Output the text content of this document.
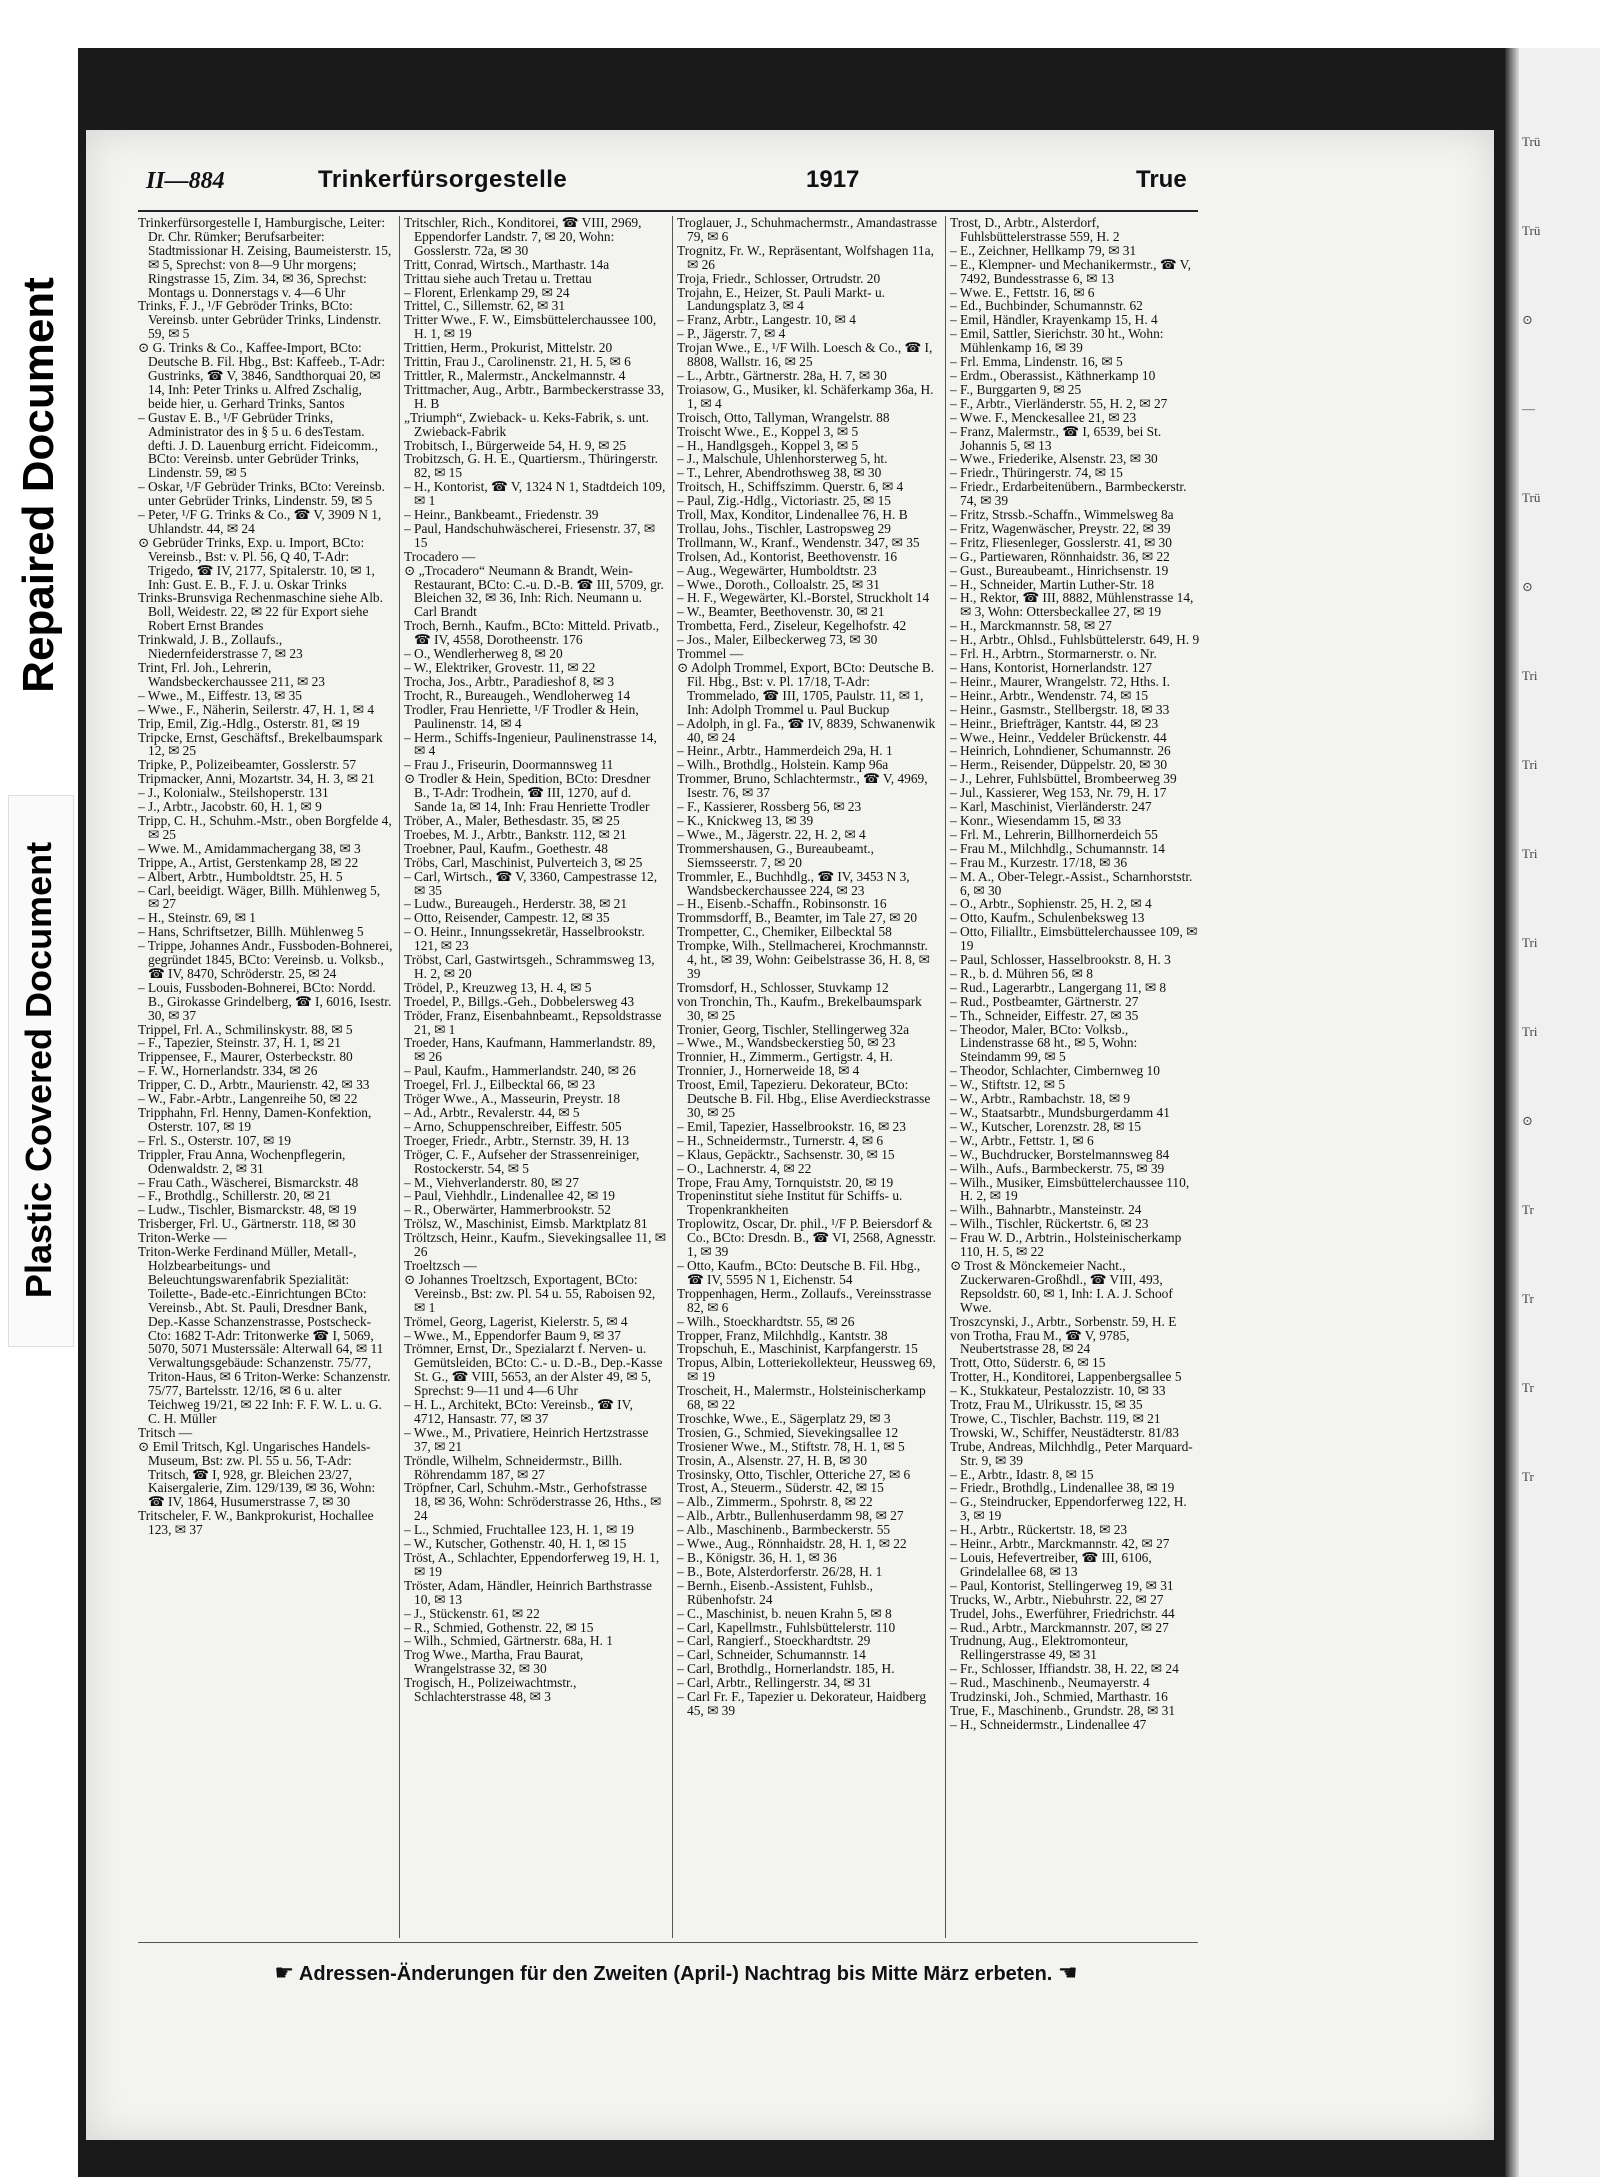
Repaired Document
Plastic Covered Document
Trü
Trü
⊙
—
Trü
⊙
Tri
Tri
Tri
Tri
Tri
⊙
Tr
Tr
Tr
Tr
II—884	Trinkerfürsorgestelle	1917	True

Trinkerfürsorgestelle I, Hamburgische, Leiter: Dr. Chr. Rümker; Berufsarbeiter: Stadtmissionar H. Zeising, Baumeisterstr. 15, ✉ 5, Sprechst: von 8—9 Uhr morgens; Ringstrasse 15, Zim. 34, ✉ 36, Sprechst: Montags u. Donnerstags v. 4—6 Uhr

Trinks, F. J., ¹/F Gebröder Trinks, BCto: Vereinsb. unter Gebrüder Trinks, Lindenstr. 59, ✉ 5

⊙ G. Trinks & Co., Kaffee-Import, BCto: Deutsche B. Fil. Hbg., Bst: Kaffeeb., T-Adr: Gustrinks, ☎ V, 3846, Sandthorquai 20, ✉ 14, Inh: Peter Trinks u. Alfred Zschalig, beide hier, u. Gerhard Trinks, Santos

– Gustav E. B., ¹/F Gebrüder Trinks, Administrator des in § 5 u. 6 desTestam. defti. J. D. Lauenburg erricht. Fideicomm., BCto: Vereinsb. unter Gebrüder Trinks, Lindenstr. 59, ✉ 5

– Oskar, ¹/F Gebrüder Trinks, BCto: Vereinsb. unter Gebrüder Trinks, Lindenstr. 59, ✉ 5

– Peter, ¹/F G. Trinks & Co., ☎ V, 3909 N 1, Uhlandstr. 44, ✉ 24

⊙ Gebrüder Trinks, Exp. u. Import, BCto: Vereinsb., Bst: v. Pl. 56, Q 40, T-Adr: Trigedo, ☎ IV, 2177, Spitalerstr. 10, ✉ 1, Inh: Gust. E. B., F. J. u. Oskar Trinks

Trinks-Brunsviga Rechenmaschine siehe Alb. Boll, Weidestr. 22, ✉ 22 für Export siehe Robert Ernst Brandes

Trinkwald, J. B., Zollaufs., Niedernfeiderstrasse 7, ✉ 23

Trint, Frl. Joh., Lehrerin, Wandsbeckerchaussee 211, ✉ 23

– Wwe., M., Eiffestr. 13, ✉ 35

– Wwe., F., Näherin, Seilerstr. 47, H. 1, ✉ 4

Trip, Emil, Zig.-Hdlg., Osterstr. 81, ✉ 19

Tripcke, Ernst, Geschäftsf., Brekelbaumspark 12, ✉ 25

Tripke, P., Polizeibeamter, Gosslerstr. 57

Tripmacker, Anni, Mozartstr. 34, H. 3, ✉ 21

– J., Kolonialw., Steilshoperstr. 131

– J., Arbtr., Jacobstr. 60, H. 1, ✉ 9

Tripp, C. H., Schuhm.-Mstr., oben Borgfelde 4, ✉ 25

– Wwe. M., Amidammachergang 38, ✉ 3

Trippe, A., Artist, Gerstenkamp 28, ✉ 22

– Albert, Arbtr., Humboldtstr. 25, H. 5

– Carl, beeidigt. Wäger, Billh. Mühlenweg 5, ✉ 27

– H., Steinstr. 69, ✉ 1

– Hans, Schriftsetzer, Billh. Mühlenweg 5

– Trippe, Johannes Andr., Fussboden-Bohnerei, gegründet 1845, BCto: Vereinsb. u. Volksb., ☎ IV, 8470, Schröderstr. 25, ✉ 24

– Louis, Fussboden-Bohnerei, BCto: Nordd. B., Girokasse Grindelberg, ☎ I, 6016, Isestr. 30, ✉ 37

Trippel, Frl. A., Schmilinskystr. 88, ✉ 5

– F., Tapezier, Steinstr. 37, H. 1, ✉ 21

Trippensee, F., Maurer, Osterbeckstr. 80

– F. W., Hornerlandstr. 334, ✉ 26

Tripper, C. D., Arbtr., Maurienstr. 42, ✉ 33

– W., Fabr.-Arbtr., Langenreihe 50, ✉ 22

Tripphahn, Frl. Henny, Damen-Konfektion, Osterstr. 107, ✉ 19

– Frl. S., Osterstr. 107, ✉ 19

Trippler, Frau Anna, Wochenpflegerin, Odenwaldstr. 2, ✉ 31

– Frau Cath., Wäscherei, Bismarckstr. 48

– F., Brothdlg., Schillerstr. 20, ✉ 21

– Ludw., Tischler, Bismarckstr. 48, ✉ 19

Trisberger, Frl. U., Gärtnerstr. 118, ✉ 30

Triton-Werke —

Triton-Werke Ferdinand Müller, Metall-, Holzbearbeitungs- und Beleuchtungswarenfabrik Spezialität: Toilette-, Bade-etc.-Einrichtungen BCto: Vereinsb., Abt. St. Pauli, Dresdner Bank, Dep.-Kasse Schanzenstrasse, Postscheck-Cto: 1682 T-Adr: Tritonwerke ☎ I, 5069, 5070, 5071 Musterssäle: Alterwall 64, ✉ 11 Verwaltungsgebäude: Schanzenstr. 75/77, Triton-Haus, ✉ 6 Triton-Werke: Schanzenstr. 75/77, Bartelsstr. 12/16, ✉ 6 u. alter Teichweg 19/21, ✉ 22 Inh: F. F. W. L. u. G. C. H. Müller

Tritsch —

⊙ Emil Tritsch, Kgl. Ungarisches Handels-Museum, Bst: zw. Pl. 55 u. 56, T-Adr: Tritsch, ☎ I, 928, gr. Bleichen 23/27, Kaisergalerie, Zim. 129/139, ✉ 36, Wohn: ☎ IV, 1864, Husumerstrasse 7, ✉ 30

Tritscheler, F. W., Bankprokurist, Hochallee 123, ✉ 37

Tritschler, Rich., Konditorei, ☎ VIII, 2969, Eppendorfer Landstr. 7, ✉ 20, Wohn: Gosslerstr. 72a, ✉ 30

Tritt, Conrad, Wirtsch., Marthastr. 14a

Trittau siehe auch Tretau u. Trettau

– Florent, Erlenkamp 29, ✉ 24

Trittel, C., Sillemstr. 62, ✉ 31

Tritter Wwe., F. W., Eimsbüttelerchaussee 100, H. 1, ✉ 19

Trittien, Herm., Prokurist, Mittelstr. 20

Trittin, Frau J., Carolinenstr. 21, H. 5, ✉ 6

Trittler, R., Malermstr., Anckelmannstr. 4

Trittmacher, Aug., Arbtr., Barmbeckerstrasse 33, H. B

„Triumph“, Zwieback- u. Keks-Fabrik, s. unt. Zwieback-Fabrik

Trobitsch, I., Bürgerweide 54, H. 9, ✉ 25

Trobitzsch, G. H. E., Quartiersm., Thüringerstr. 82, ✉ 15

– H., Kontorist, ☎ V, 1324 N 1, Stadtdeich 109, ✉ 1

– Heinr., Bankbeamt., Friedenstr. 39

– Paul, Handschuhwäscherei, Friesenstr. 37, ✉ 15

Trocadero —

⊙ „Trocadero“ Neumann & Brandt, Wein-Restaurant, BCto: C.-u. D.-B. ☎ III, 5709, gr. Bleichen 32, ✉ 36, Inh: Rich. Neumann u. Carl Brandt

Troch, Bernh., Kaufm., BCto: Mitteld. Privatb., ☎ IV, 4558, Dorotheenstr. 176

– O., Wendlerherweg 8, ✉ 20

– W., Elektriker, Grovestr. 11, ✉ 22

Trocha, Jos., Arbtr., Paradieshof 8, ✉ 3

Trocht, R., Bureaugeh., Wendloherweg 14

Trodler, Frau Henriette, ¹/F Trodler & Hein, Paulinenstr. 14, ✉ 4

– Herm., Schiffs-Ingenieur, Paulinenstrasse 14, ✉ 4

– Frau J., Friseurin, Doormannsweg 11

⊙ Trodler & Hein, Spedition, BCto: Dresdner B., T-Adr: Trodhein, ☎ III, 1270, auf d. Sande 1a, ✉ 14, Inh: Frau Henriette Trodler

Tröber, A., Maler, Bethesdastr. 35, ✉ 25

Troebes, M. J., Arbtr., Bankstr. 112, ✉ 21

Troebner, Paul, Kaufm., Goethestr. 48

Tröbs, Carl, Maschinist, Pulverteich 3, ✉ 25

– Carl, Wirtsch., ☎ V, 3360, Campestrasse 12, ✉ 35

– Ludw., Bureaugeh., Herderstr. 38, ✉ 21

– Otto, Reisender, Campestr. 12, ✉ 35

– O. Heinr., Innungssekretär, Hasselbrookstr. 121, ✉ 23

Tröbst, Carl, Gastwirtsgeh., Schrammsweg 13, H. 2, ✉ 20

Trödel, P., Kreuzweg 13, H. 4, ✉ 5

Troedel, P., Billgs.-Geh., Dobbelersweg 43

Tröder, Franz, Eisenbahnbeamt., Repsoldstrasse 21, ✉ 1

Troeder, Hans, Kaufmann, Hammerlandstr. 89, ✉ 26

– Paul, Kaufm., Hammerlandstr. 240, ✉ 26

Troegel, Frl. J., Eilbecktal 66, ✉ 23

Tröger Wwe., A., Masseurin, Preystr. 18

– Ad., Arbtr., Revalerstr. 44, ✉ 5

– Arno, Schuppenschreiber, Eiffestr. 505

Troeger, Friedr., Arbtr., Sternstr. 39, H. 13

Tröger, C. F., Aufseher der Strassenreiniger, Rostockerstr. 54, ✉ 5

– M., Viehverlanderstr. 80, ✉ 27

– Paul, Viehhdlr., Lindenallee 42, ✉ 19

– R., Oberwärter, Hammerbrookstr. 52

Trölsz, W., Maschinist, Eimsb. Marktplatz 81

Tröltzsch, Heinr., Kaufm., Sievekingsallee 11, ✉ 26

Troeltzsch —

⊙ Johannes Troeltzsch, Exportagent, BCto: Vereinsb., Bst: zw. Pl. 54 u. 55, Raboisen 92, ✉ 1

Trömel, Georg, Lagerist, Kielerstr. 5, ✉ 4

– Wwe., M., Eppendorfer Baum 9, ✉ 37

Trömner, Ernst, Dr., Spezialarzt f. Nerven- u. Gemütsleiden, BCto: C.- u. D.-B., Dep.-Kasse St. G., ☎ VIII, 5653, an der Alster 49, ✉ 5, Sprechst: 9—11 und 4—6 Uhr

– H. L., Architekt, BCto: Vereinsb., ☎ IV, 4712, Hansastr. 77, ✉ 37

– Wwe., M., Privatiere, Heinrich Hertzstrasse 37, ✉ 21

Tröndle, Wilhelm, Schneidermstr., Billh. Röhrendamm 187, ✉ 27

Tröpfner, Carl, Schuhm.-Mstr., Gerhofstrasse 18, ✉ 36, Wohn: Schröderstrasse 26, Hths., ✉ 24

– L., Schmied, Fruchtallee 123, H. 1, ✉ 19

– W., Kutscher, Gothenstr. 40, H. 1, ✉ 15

Tröst, A., Schlachter, Eppendorferweg 19, H. 1, ✉ 19

Tröster, Adam, Händler, Heinrich Barthstrasse 10, ✉ 13

– J., Stückenstr. 61, ✉ 22

– R., Schmied, Gothenstr. 22, ✉ 15

– Wilh., Schmied, Gärtnerstr. 68a, H. 1

Trog Wwe., Martha, Frau Baurat, Wrangelstrasse 32, ✉ 30

Trogisch, H., Polizeiwachtmstr., Schlachterstrasse 48, ✉ 3

Troglauer, J., Schuhmachermstr., Amandastrasse 79, ✉ 6

Trognitz, Fr. W., Repräsentant, Wolfshagen 11a, ✉ 26

Troja, Friedr., Schlosser, Ortrudstr. 20

Trojahn, E., Heizer, St. Pauli Markt- u. Landungsplatz 3, ✉ 4

– Franz, Arbtr., Langestr. 10, ✉ 4

– P., Jägerstr. 7, ✉ 4

Trojan Wwe., E., ¹/F Wilh. Loesch & Co., ☎ I, 8808, Wallstr. 16, ✉ 25

– L., Arbtr., Gärtnerstr. 28a, H. 7, ✉ 30

Troiasow, G., Musiker, kl. Schäferkamp 36a, H. 1, ✉ 4

Troisch, Otto, Tallyman, Wrangelstr. 88

Troischt Wwe., E., Koppel 3, ✉ 5

– H., Handlgsgeh., Koppel 3, ✉ 5

– J., Malschule, Uhlenhorsterweg 5, ht.

– T., Lehrer, Abendrothsweg 38, ✉ 30

Troitsch, H., Schiffszimm. Querstr. 6, ✉ 4

– Paul, Zig.-Hdlg., Victoriastr. 25, ✉ 15

Troll, Max, Konditor, Lindenallee 76, H. B

Trollau, Johs., Tischler, Lastropsweg 29

Trollmann, W., Kranf., Wendenstr. 347, ✉ 35

Trolsen, Ad., Kontorist, Beethovenstr. 16

– Aug., Wegewärter, Humboldtstr. 23

– Wwe., Doroth., Colloalstr. 25, ✉ 31

– H. F., Wegewärter, Kl.-Borstel, Struckholt 14

– W., Beamter, Beethovenstr. 30, ✉ 21

Trombetta, Ferd., Ziseleur, Kegelhofstr. 42

– Jos., Maler, Eilbeckerweg 73, ✉ 30

Trommel —

⊙ Adolph Trommel, Export, BCto: Deutsche B. Fil. Hbg., Bst: v. Pl. 17/18, T-Adr: Trommelado, ☎ III, 1705, Paulstr. 11, ✉ 1, Inh: Adolph Trommel u. Paul Buckup

– Adolph, in gl. Fa., ☎ IV, 8839, Schwanenwik 40, ✉ 24

– Heinr., Arbtr., Hammerdeich 29a, H. 1

– Wilh., Brothdlg., Holstein. Kamp 96a

Trommer, Bruno, Schlachtermstr., ☎ V, 4969, Isestr. 76, ✉ 37

– F., Kassierer, Rossberg 56, ✉ 23

– K., Knickweg 13, ✉ 39

– Wwe., M., Jägerstr. 22, H. 2, ✉ 4

Trommershausen, G., Bureaubeamt., Siemsseerstr. 7, ✉ 20

Trommler, E., Buchhdlg., ☎ IV, 3453 N 3, Wandsbeckerchaussee 224, ✉ 23

– H., Eisenb.-Schaffn., Robinsonstr. 16

Trommsdorff, B., Beamter, im Tale 27, ✉ 20

Trompetter, C., Chemiker, Eilbecktal 58

Trompke, Wilh., Stellmacherei, Krochmannstr. 4, ht., ✉ 39, Wohn: Geibelstrasse 36, H. 8, ✉ 39

Tromsdorf, H., Schlosser, Stuvkamp 12

von Tronchin, Th., Kaufm., Brekelbaumspark 30, ✉ 25

Tronier, Georg, Tischler, Stellingerweg 32a

– Wwe., M., Wandsbeckerstieg 50, ✉ 23

Tronnier, H., Zimmerm., Gertigstr. 4, H.

Tronnier, J., Hornerweide 18, ✉ 4

Troost, Emil, Tapezieru. Dekorateur, BCto: Deutsche B. Fil. Hbg., Elise Averdieckstrasse 30, ✉ 25

– Emil, Tapezier, Hasselbrookstr. 16, ✉ 23

– H., Schneidermstr., Turnerstr. 4, ✉ 6

– Klaus, Gepäcktr., Sachsenstr. 30, ✉ 15

– O., Lachnerstr. 4, ✉ 22

Trope, Frau Amy, Tornquiststr. 20, ✉ 19

Tropeninstitut siehe Institut für Schiffs- u. Tropenkrankheiten

Troplowitz, Oscar, Dr. phil., ¹/F P. Beiersdorf & Co., BCto: Dresdn. B., ☎ VI, 2568, Agnesstr. 1, ✉ 39

– Otto, Kaufm., BCto: Deutsche B. Fil. Hbg., ☎ IV, 5595 N 1, Eichenstr. 54

Troppenhagen, Herm., Zollaufs., Vereinsstrasse 82, ✉ 6

– Wilh., Stoeckhardtstr. 55, ✉ 26

Tropper, Franz, Milchhdlg., Kantstr. 38

Tropschuh, E., Maschinist, Karpfangerstr. 15

Tropus, Albin, Lotteriekollekteur, Heussweg 69, ✉ 19

Troscheit, H., Malermstr., Holsteinischerkamp 68, ✉ 22

Troschke, Wwe., E., Sägerplatz 29, ✉ 3

Trosien, G., Schmied, Sievekingsallee 12

Trosiener Wwe., M., Stiftstr. 78, H. 1, ✉ 5

Trosin, A., Alsenstr. 27, H. B, ✉ 30

Trosinsky, Otto, Tischler, Otteriche 27, ✉ 6

Trost, A., Steuerm., Süderstr. 42, ✉ 15

– Alb., Zimmerm., Spohrstr. 8, ✉ 22

– Alb., Arbtr., Bullenhuserdamm 98, ✉ 27

– Alb., Maschinenb., Barmbeckerstr. 55

– Wwe., Aug., Rönnhaidstr. 28, H. 1, ✉ 22

– B., Königstr. 36, H. 1, ✉ 36

– B., Bote, Alsterdorferstr. 26/28, H. 1

– Bernh., Eisenb.-Assistent, Fuhlsb., Rübenhofstr. 24

– C., Maschinist, b. neuen Krahn 5, ✉ 8

– Carl, Kapellmstr., Fuhlsbüttelerstr. 110

– Carl, Rangierf., Stoeckhardtstr. 29

– Carl, Schneider, Schumannstr. 14

– Carl, Brothdlg., Hornerlandstr. 185, H.

– Carl, Arbtr., Rellingerstr. 34, ✉ 31

– Carl Fr. F., Tapezier u. Dekorateur, Haidberg 45, ✉ 39

Trost, D., Arbtr., Alsterdorf, Fuhlsbüttelerstrasse 559, H. 2

– E., Zeichner, Hellkamp 79, ✉ 31

– E., Klempner- und Mechanikermstr., ☎ V, 7492, Bundesstrasse 6, ✉ 13

– Wwe. E., Fettstr. 16, ✉ 6

– Ed., Buchbinder, Schumannstr. 62

– Emil, Händler, Krayenkamp 15, H. 4

– Emil, Sattler, Sierichstr. 30 ht., Wohn: Mühlenkamp 16, ✉ 39

– Frl. Emma, Lindenstr. 16, ✉ 5

– Erdm., Oberassist., Käthnerkamp 10

– F., Burggarten 9, ✉ 25

– F., Arbtr., Vierländerstr. 55, H. 2, ✉ 27

– Wwe. F., Menckesallee 21, ✉ 23

– Franz, Malermstr., ☎ I, 6539, bei St. Johannis 5, ✉ 13

– Wwe., Friederike, Alsenstr. 23, ✉ 30

– Friedr., Thüringerstr. 74, ✉ 15

– Friedr., Erdarbeitenübern., Barmbeckerstr. 74, ✉ 39

– Fritz, Strssb.-Schaffn., Wimmelsweg 8a

– Fritz, Wagenwäscher, Preystr. 22, ✉ 39

– Fritz, Fliesenleger, Gosslerstr. 41, ✉ 30

– G., Partiewaren, Rönnhaidstr. 36, ✉ 22

– Gust., Bureaubeamt., Hinrichsenstr. 19

– H., Schneider, Martin Luther-Str. 18

– H., Rektor, ☎ III, 8882, Mühlenstrasse 14, ✉ 3, Wohn: Ottersbeckallee 27, ✉ 19

– H., Marckmannstr. 58, ✉ 27

– H., Arbtr., Ohlsd., Fuhlsbüttelerstr. 649, H. 9

– Frl. H., Arbtrn., Stormarnerstr. o. Nr.

– Hans, Kontorist, Hornerlandstr. 127

– Heinr., Maurer, Wrangelstr. 72, Hths. I.

– Heinr., Arbtr., Wendenstr. 74, ✉ 15

– Heinr., Gasmstr., Stellbergstr. 18, ✉ 33

– Heinr., Briefträger, Kantstr. 44, ✉ 23

– Wwe., Heinr., Veddeler Brückenstr. 44

– Heinrich, Lohndiener, Schumannstr. 26

– Herm., Reisender, Düppelstr. 20, ✉ 30

– J., Lehrer, Fuhlsbüttel, Brombeerweg 39

– Jul., Kassierer, Weg 153, Nr. 79, H. 17

– Karl, Maschinist, Vierländerstr. 247

– Konr., Wiesendamm 15, ✉ 33

– Frl. M., Lehrerin, Billhornerdeich 55

– Frau M., Milchhdlg., Schumannstr. 14

– Frau M., Kurzestr. 17/18, ✉ 36

– M. A., Ober-Telegr.-Assist., Scharnhorststr. 6, ✉ 30

– O., Arbtr., Sophienstr. 25, H. 2, ✉ 4

– Otto, Kaufm., Schulenbeksweg 13

– Otto, Filialltr., Eimsbüttelerchaussee 109, ✉ 19

– Paul, Schlosser, Hasselbrookstr. 8, H. 3

– R., b. d. Mühren 56, ✉ 8

– Rud., Lagerarbtr., Langergang 11, ✉ 8

– Rud., Postbeamter, Gärtnerstr. 27

– Th., Schneider, Eiffestr. 27, ✉ 35

– Theodor, Maler, BCto: Volksb., Lindenstrasse 68 ht., ✉ 5, Wohn: Steindamm 99, ✉ 5

– Theodor, Schlachter, Cimbernweg 10

– W., Stiftstr. 12, ✉ 5

– W., Arbtr., Rambachstr. 18, ✉ 9

– W., Staatsarbtr., Mundsburgerdamm 41

– W., Kutscher, Lorenzstr. 28, ✉ 15

– W., Arbtr., Fettstr. 1, ✉ 6

– W., Buchdrucker, Borstelmannsweg 84

– Wilh., Aufs., Barmbeckerstr. 75, ✉ 39

– Wilh., Musiker, Eimsbüttelerchaussee 110, H. 2, ✉ 19

– Wilh., Bahnarbtr., Mansteinstr. 24

– Wilh., Tischler, Rückertstr. 6, ✉ 23

– Frau W. D., Arbtrin., Holsteinischerkamp 110, H. 5, ✉ 22

⊙ Trost & Mönckemeier Nacht., Zuckerwaren-Großhdl., ☎ VIII, 493, Repsoldstr. 60, ✉ 1, Inh: I. A. J. Schoof Wwe.

Troszcynski, J., Arbtr., Sorbenstr. 59, H. E

von Trotha, Frau M., ☎ V, 9785, Neubertstrasse 28, ✉ 24

Trott, Otto, Süderstr. 6, ✉ 15

Trotter, H., Konditorei, Lappenbergsallee 5

– K., Stukkateur, Pestalozzistr. 10, ✉ 33

Trotz, Frau M., Ulrikusstr. 15, ✉ 35

Trowe, C., Tischler, Bachstr. 119, ✉ 21

Trowski, W., Schiffer, Neustädterstr. 81/83

Trube, Andreas, Milchhdlg., Peter Marquard-Str. 9, ✉ 39

– E., Arbtr., Idastr. 8, ✉ 15

– Friedr., Brothdlg., Lindenallee 38, ✉ 19

– G., Steindrucker, Eppendorferweg 122, H. 3, ✉ 19

– H., Arbtr., Rückertstr. 18, ✉ 23

– Heinr., Arbtr., Marckmannstr. 42, ✉ 27

– Louis, Hefevertreiber, ☎ III, 6106, Grindelallee 68, ✉ 13

– Paul, Kontorist, Stellingerweg 19, ✉ 31

Trucks, W., Arbtr., Niebuhrstr. 22, ✉ 27

Trudel, Johs., Ewerführer, Friedrichstr. 44

– Rud., Arbtr., Marckmannstr. 207, ✉ 27

Trudnung, Aug., Elektromonteur, Rellingerstrasse 49, ✉ 31

– Fr., Schlosser, Iffiandstr. 38, H. 22, ✉ 24

– Rud., Maschinenb., Neumayerstr. 4

Trudzinski, Joh., Schmied, Marthastr. 16

True, F., Maschinenb., Grundstr. 28, ✉ 31

– H., Schneidermstr., Lindenallee 47

☛ Adressen-Änderungen für den Zweiten (April-) Nachtrag bis Mitte März erbeten. ☚
